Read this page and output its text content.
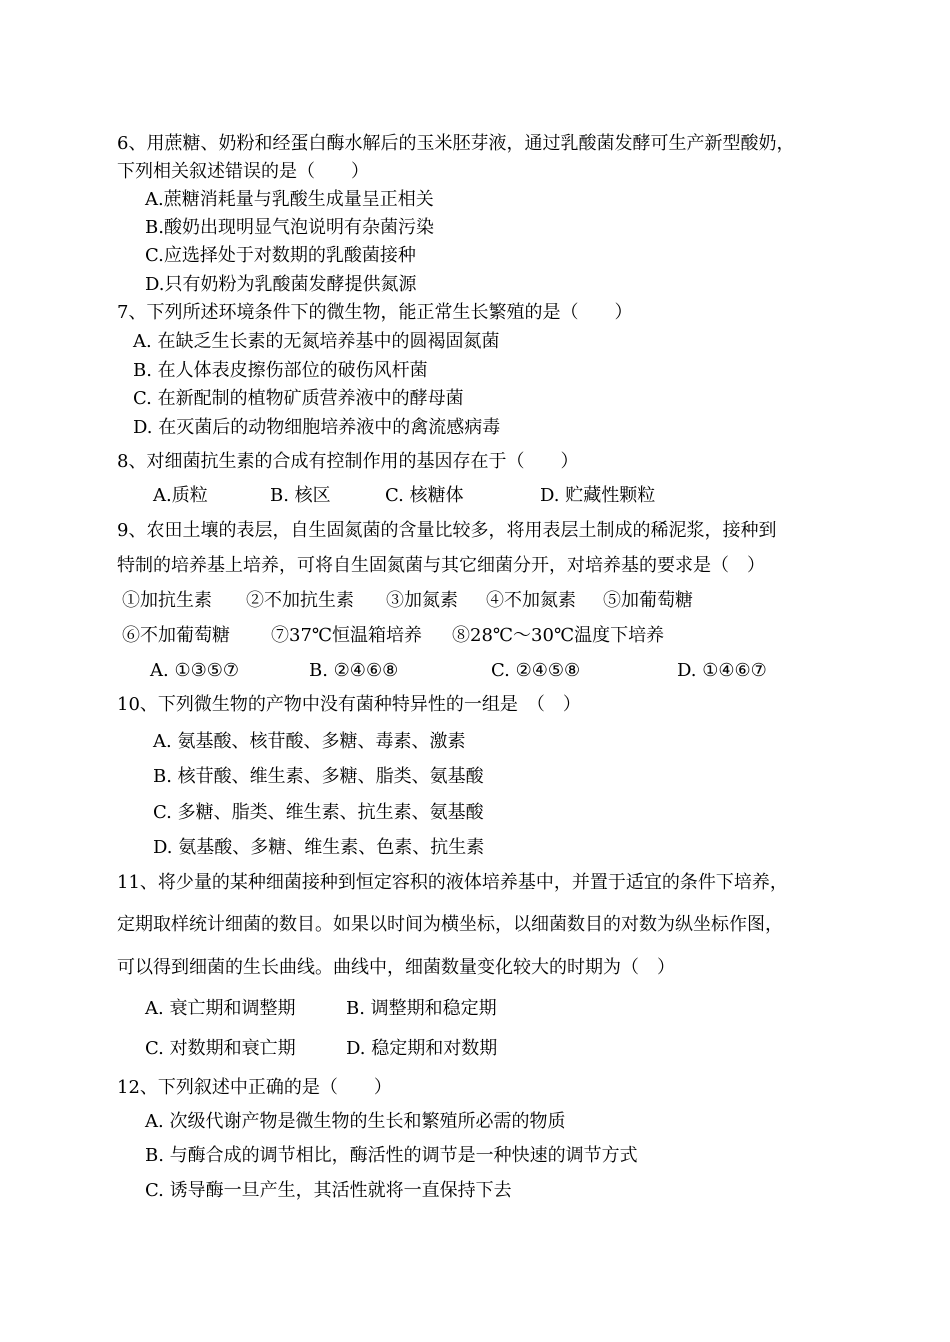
6、用蔗糖、奶粉和经蛋白酶水解后的玉米胚芽液，通过乳酸菌发酵可生产新型酸奶，
下列相关叙述错误的是（　　）
A.蔗糖消耗量与乳酸生成量呈正相关
B.酸奶出现明显气泡说明有杂菌污染
C.应选择处于对数期的乳酸菌接种
D.只有奶粉为乳酸菌发酵提供氮源
7、下列所述环境条件下的微生物，能正常生长繁殖的是（　　）
A. 在缺乏生长素的无氮培养基中的圆褐固氮菌
B. 在人体表皮擦伤部位的破伤风杆菌
C. 在新配制的植物矿质营养液中的酵母菌
D. 在灭菌后的动物细胞培养液中的禽流感病毒
8、对细菌抗生素的合成有控制作用的基因存在于（　　）
A.质粒	B. 核区	C. 核糖体	D. 贮藏性颗粒
9、农田土壤的表层，自生固氮菌的含量比较多，将用表层土制成的稀泥浆，接种到
特制的培养基上培养，可将自生固氮菌与其它细菌分开，对培养基的要求是（　）
①加抗生素 ②不加抗生素 ③加氮素 ④不加氮素 ⑤加葡萄糖
⑥不加葡萄糖 ⑦37℃恒温箱培养 ⑧28℃～30℃温度下培养
A. ①③⑤⑦	B. ②④⑥⑧	C. ②④⑤⑧	D. ①④⑥⑦
10、下列微生物的产物中没有菌种特异性的一组是　（　）
A. 氨基酸、核苷酸、多糖、毒素、激素
B. 核苷酸、维生素、多糖、脂类、氨基酸
C. 多糖、脂类、维生素、抗生素、氨基酸
D. 氨基酸、多糖、维生素、色素、抗生素
11、将少量的某种细菌接种到恒定容积的液体培养基中，并置于适宜的条件下培养，
定期取样统计细菌的数目。如果以时间为横坐标，以细菌数目的对数为纵坐标作图，
可以得到细菌的生长曲线。曲线中，细菌数量变化较大的时期为（　）
A. 衰亡期和调整期	B. 调整期和稳定期
C. 对数期和衰亡期	D. 稳定期和对数期
12、下列叙述中正确的是（　　）
A. 次级代谢产物是微生物的生长和繁殖所必需的物质
B. 与酶合成的调节相比，酶活性的调节是一种快速的调节方式
C. 诱导酶一旦产生，其活性就将一直保持下去
